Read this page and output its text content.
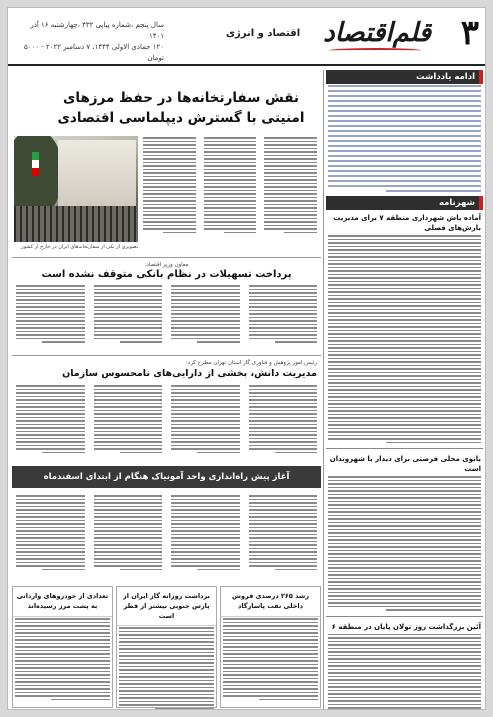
۳
قلم‌اقتصاد
اقتصاد و انرژی
سال پنجم ،شماره پیاپی ۴۳۲ ،چهارشنبه ۱۶ آذر ۱۴۰۱
۱۲۰ جمادی الاولی ۱۴۴۴، ۷ دسامبر ۲۰۲۲ - ۵۰۰۰ تومان
ادامه یادداشت
شهرنامه
آماده باش شهرداری منطقه ۷ برای مدیریت بارش‌های فصلی
بانوی محلی فرصتی برای دیدار با شهروندان است
آئین بزرگداشت روز تولان پایان در منطقه ۶
نقش سفارتخانه‌ها در حفظ مرزهای امنیتی با گسترش دیپلماسی اقتصادی
تصویری از یکی از سفارتخانه‌های ایران در خارج از کشور
معاون وزیر اقتصاد:
پرداخت تسهیلات در نظام بانکی متوقف نشده است
رئیس امور پژوهش و فناوری گاز استان تهران مطرح کرد:
مدیریت دانش، بخشی از دارایی‌های نامحسوس سازمان
آغاز پیش راه‌اندازی واحد آمونیاک هنگام از ابتدای اسفندماه
رشد ۲۶۵ درصدی فروش داخلی نفت پاسارگاد
برداشت روزانه گاز ایران از پارس جنوبی بیشتر از قطر است
تعدادی از خودروهای وارداتی به پشت مرز رسیده‌اند
